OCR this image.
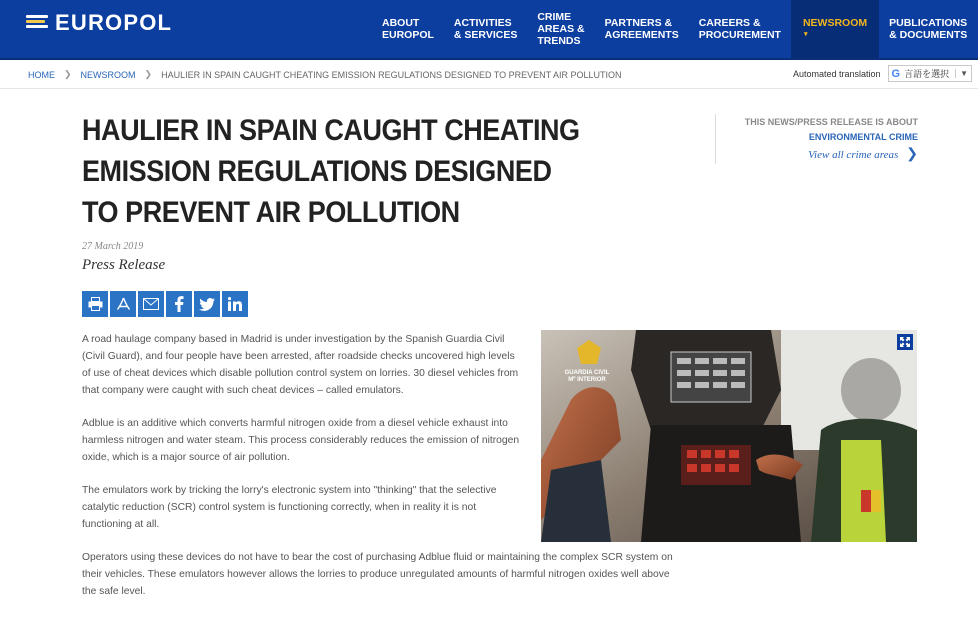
EUROPOL	ABOUT
EUROPOL
ACTIVITIES
& SERVICES
CRIME
AREAS &
TRENDS
PARTNERS &
AGREEMENTS
CAREERS &
PROCUREMENT
NEWSROOM
▾
PUBLICATIONS
& DOCUMENTS
HOME ❯ NEWSROOM ❯ HAULIER IN SPAIN CAUGHT CHEATING EMISSION REGULATIONS DESIGNED TO PREVENT AIR POLLUTION	Automated translation G 言語を選択	▼
HAULIER IN SPAIN CAUGHT CHEATING EMISSION REGULATIONS DESIGNED TO PREVENT AIR POLLUTION
THIS NEWS/PRESS RELEASE IS ABOUT
ENVIRONMENTAL CRIME
View all crime areas ❯
27 March 2019
Press Release

A road haulage company based in Madrid is under investigation by the Spanish Guardia Civil (Civil Guard), and four people have been arrested, after roadside checks uncovered high levels of use of cheat devices which disable pollution control system on lorries. 30 diesel vehicles from that company were caught with such cheat devices – called emulators.

Adblue is an additive which converts harmful nitrogen oxide from a diesel vehicle exhaust into harmless nitrogen and water steam. This process considerably reduces the emission of nitrogen oxide, which is a major source of air pollution.

The emulators work by tricking the lorry's electronic system into "thinking" that the selective catalytic reduction (SCR) control system is functioning correctly, when in reality it is not functioning at all.

Operators using these devices do not have to bear the cost of purchasing Adblue fluid or maintaining the complex SCR system on their vehicles. These emulators however allows the lorries to produce unregulated amounts of harmful nitrogen oxides well above the safe level.

GUARDIA CIVIL
Mº INTERIOR
